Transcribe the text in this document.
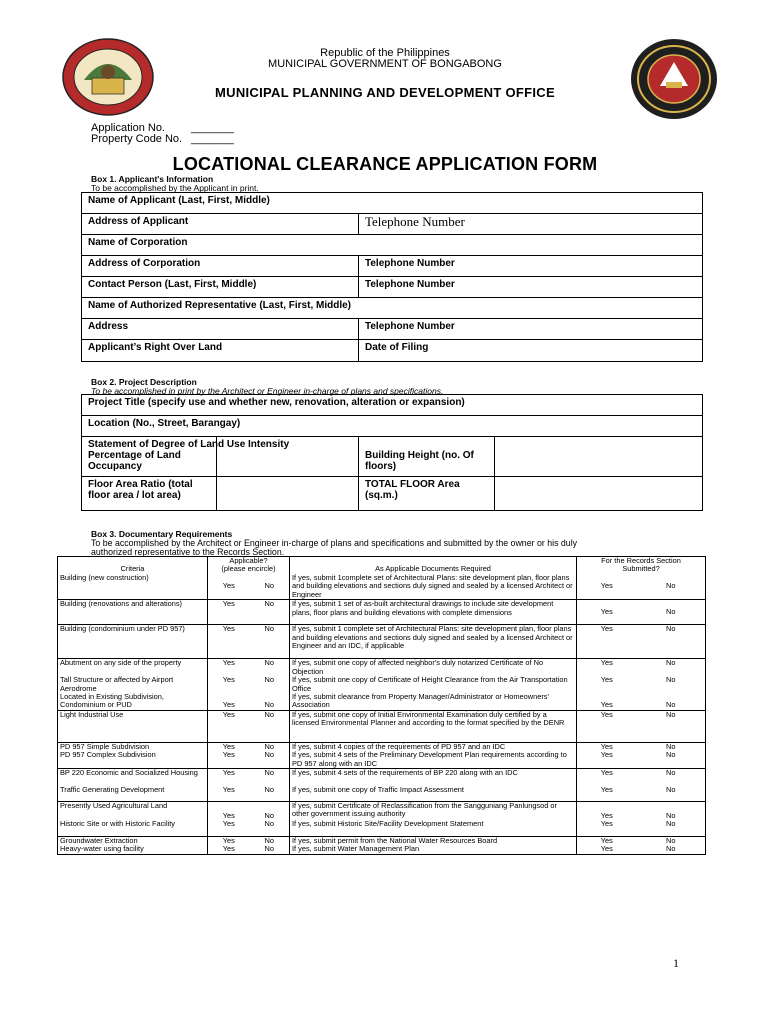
Republic of the Philippines
MUNICIPAL GOVERNMENT OF BONGABONG
MUNICIPAL PLANNING AND DEVELOPMENT OFFICE
Application No. _______
Property Code No. _______
LOCATIONAL CLEARANCE APPLICATION FORM
Box 1. Applicant's Information
To be accomplished by the Applicant in print.
Name of Applicant (Last, First, Middle)	
Address of Applicant	Telephone Number
Name of Corporation	
Address of Corporation	Telephone Number
Contact Person (Last, First, Middle)	Telephone Number
Name of Authorized Representative (Last, First, Middle)	
Address	Telephone Number
Applicant’s Right Over Land	Date of Filing
Box 2. Project Description
To be accomplished in print by the Architect or Engineer in-charge of plans and specifications.
Project Title (specify use and whether new, renovation, alteration or expansion)			
Location (No., Street, Barangay)			

Statement of Degree of Land Use Intensity
Percentage of Land Occupancy		Building Height (no. Of floors)	
Floor Area Ratio (total floor area / lot area)		TOTAL FLOOR Area (sq.m.)	
Box 3. Documentary Requirements
To be accomplished by the Architect or Engineer in-charge of plans and specifications and submitted by the owner or his duly
authorized representative to the Records Section.
	Applicable?			For the Records Section	
Criteria	(please encircle)		As Applicable Documents Required	Submitted?	
Building (new construction)	Yes	No	If yes, submit 1complete set of Architectural Plans: site development plan, floor plans and building elevations and sections duly signed and sealed by a licensed Architect or Engineer	Yes	No
Building (renovations and alterations)	Yes	No	If yes, submit 1 set of as-built architectural drawings to include site development plans, floor plans and building elevations with complete dimensions	Yes	No
Building (condominium under PD 957)	Yes	No	If yes, submit 1 complete set of Architectural Plans: site development plan, floor plans and building elevations and sections duly signed and sealed by a licensed Architect or Engineer and an IDC, if applicable	Yes	No
Abutment on any side of the property	Yes	No	If yes, submit one copy of affected neighbor's duly notarized Certificate of No Objection	Yes	No
Tall Structure or affected by Airport Aerodrome	Yes	No	If yes, submit one copy of Certificate of Height Clearance from the Air Transportation Office	Yes	No
Located in Existing Subdivision, Condominium or PUD	Yes	No	If yes, submit clearance from Property Manager/Administrator or Homeowners' Association	Yes	No
Light Industrial Use	Yes	No	If yes, submit one copy of Initial Environmental Examination duly certified by a licensed Environmental Planner and according to the format specified by the DENR	Yes	No
PD 957 Simple Subdivision	Yes	No	If yes, submit 4 copies of the requirements of PD 957 and an IDC	Yes	No
PD 957 Complex Subdivision	Yes	No	If yes, submit 4 sets of the Preliminary Development Plan requirements according to PD 957 along with an IDC	Yes	No
BP 220 Economic and Socialized Housing	Yes	No	If yes, submit 4 sets of the requirements of BP 220 along with an IDC	Yes	No
Traffic Generating Development	Yes	No	If yes, submit one copy of Traffic Impact Assessment	Yes	No
Presently Used Agricultural Land	Yes	No	If yes, submit Certificate of Reclassification from the Sangguniang Panlungsod or other government issuing authority	Yes	No
Historic Site or with Historic Facility	Yes	No	If yes, submit Historic Site/Facility Development Statement	Yes	No
Groundwater Extraction	Yes	No	If yes, submit permit from the National Water Resources Board	Yes	No
Heavy-water using facility	Yes	No	If yes, submit Water Management Plan	Yes	No
1
